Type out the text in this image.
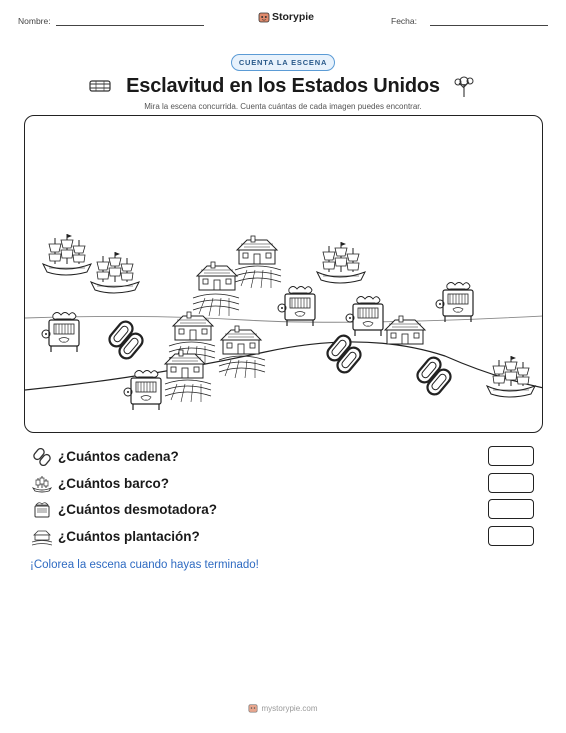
Nombre:	Storypie	Fecha:
CUENTA LA ESCENA
Esclavitud en los Estados Unidos
Mira la escena concurrida. Cuenta cuántas de cada imagen puedes encontrar.
¿Cuántos cadena?
¿Cuántos barco?
¿Cuántos desmotadora?
¿Cuántos plantación?
¡Colorea la escena cuando hayas terminado!
mystorypie.com
